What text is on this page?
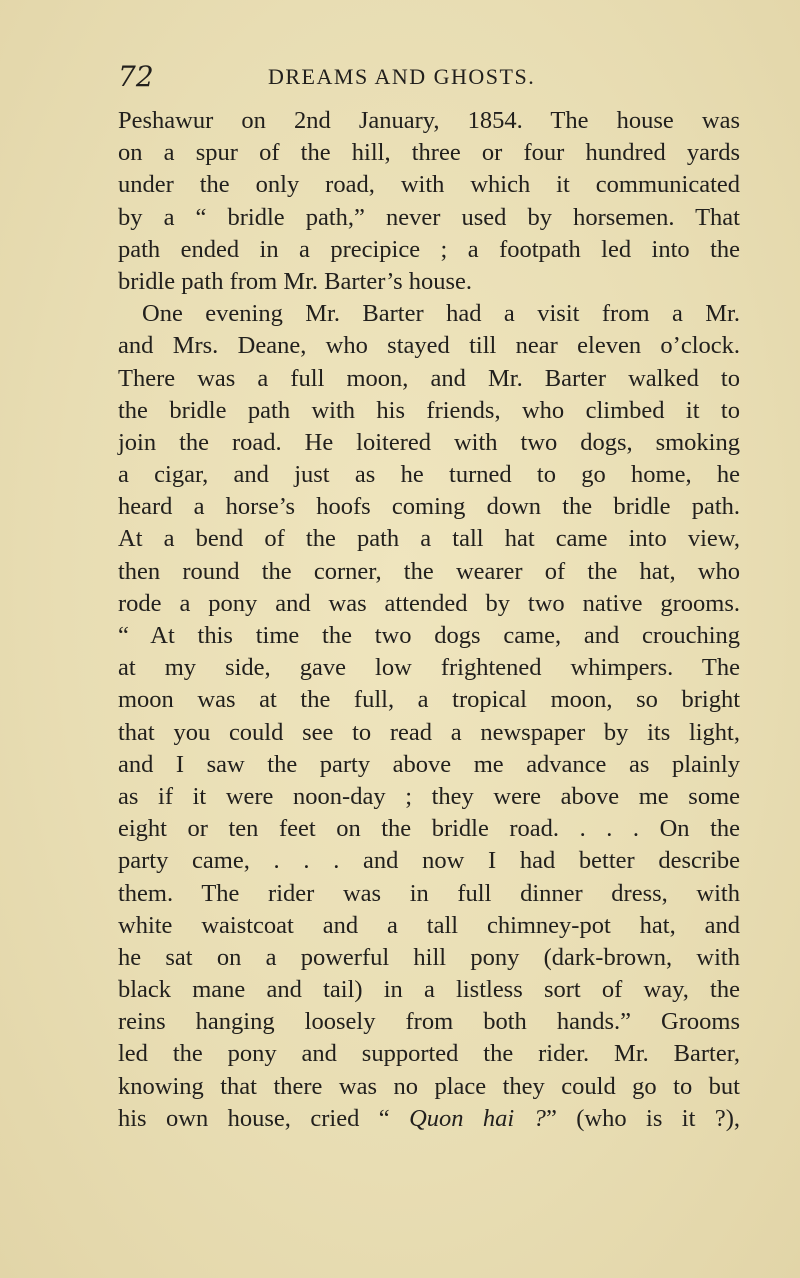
72	DREAMS AND GHOSTS.
Peshawur on 2nd January, 1854. The house was
on a spur of the hill, three or four hundred yards
under the only road, with which it communicated
by a “ bridle path,” never used by horsemen. That
path ended in a precipice ; a footpath led into the
bridle path from Mr. Barter’s house.
One evening Mr. Barter had a visit from a Mr.
and Mrs. Deane, who stayed till near eleven o’clock.
There was a full moon, and Mr. Barter walked to
the bridle path with his friends, who climbed it to
join the road. He loitered with two dogs, smoking
a cigar, and just as he turned to go home, he
heard a horse’s hoofs coming down the bridle path.
At a bend of the path a tall hat came into view,
then round the corner, the wearer of the hat, who
rode a pony and was attended by two native grooms.
“ At this time the two dogs came, and crouching
at my side, gave low frightened whimpers. The
moon was at the full, a tropical moon, so bright
that you could see to read a newspaper by its light,
and I saw the party above me advance as plainly
as if it were noon-day ; they were above me some
eight or ten feet on the bridle road. . . . On the
party came, . . . and now I had better describe
them. The rider was in full dinner dress, with
white waistcoat and a tall chimney-pot hat, and
he sat on a powerful hill pony (dark-brown, with
black mane and tail) in a listless sort of way, the
reins hanging loosely from both hands.” Grooms
led the pony and supported the rider. Mr. Barter,
knowing that there was no place they could go to but
his own house, cried “ Quon hai ?” (who is it ?),
